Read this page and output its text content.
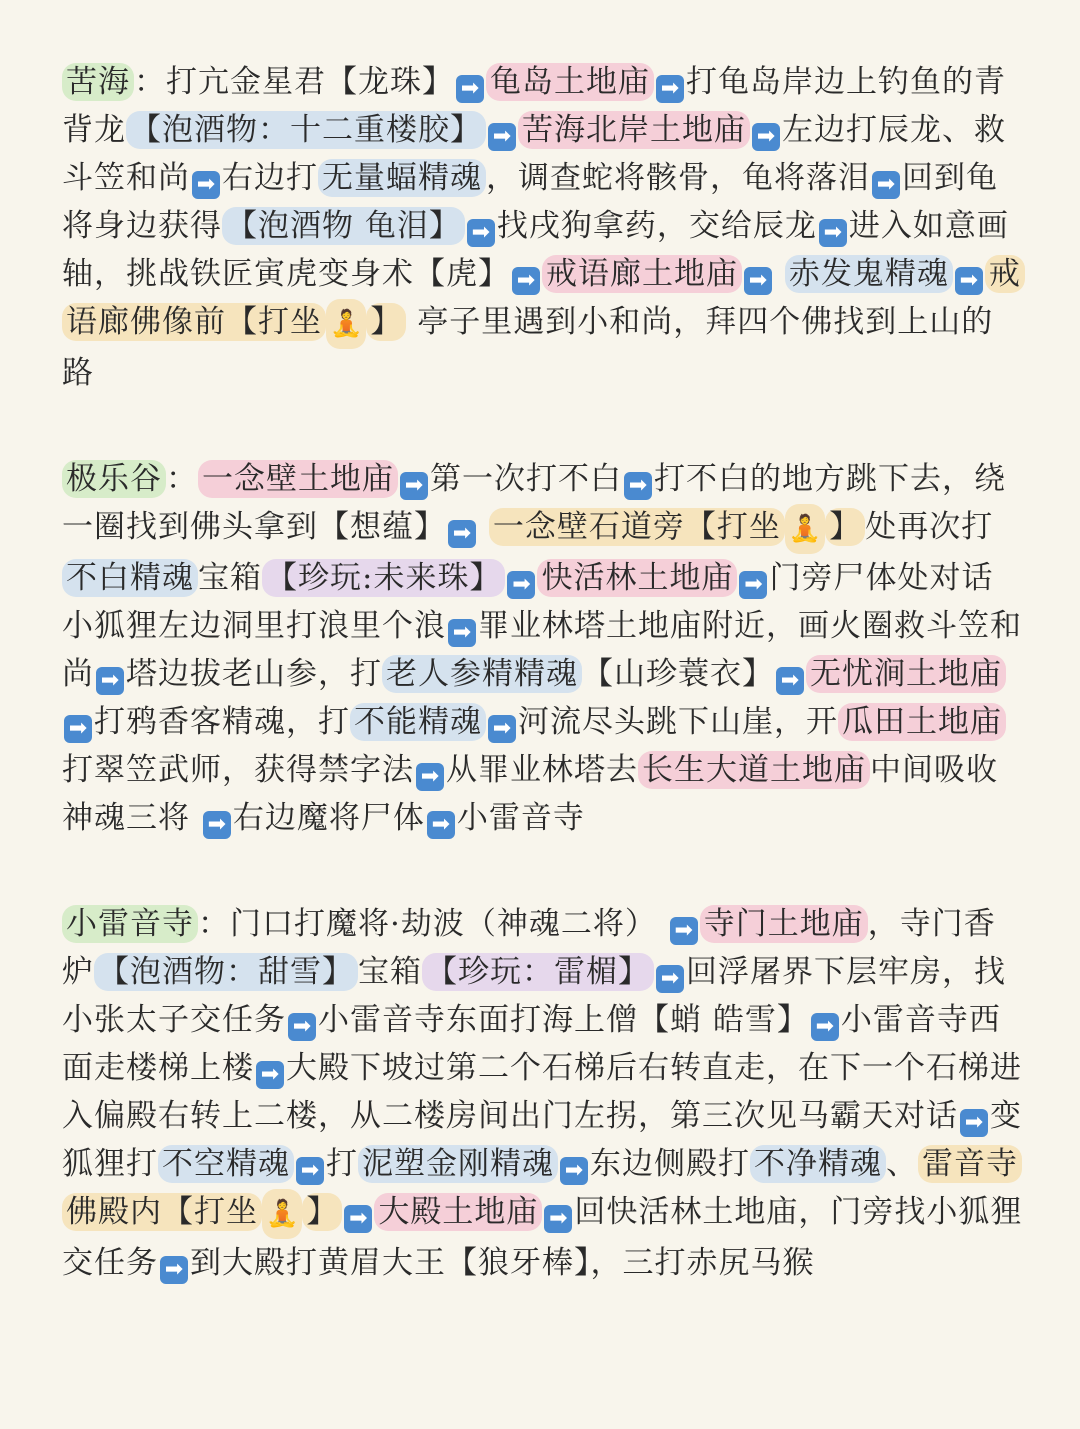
苦海 ：打亢金星君【龙珠】 ➡ 龟岛土地庙 ➡ 打龟岛岸边上钓鱼的青背龙 【泡酒物：十二重楼胶】 ➡ 苦海北岸土地庙 ➡ 左边打辰龙、救斗笠和尚 ➡ 右边打 无量蝠精魂 ，调查蛇将骸骨，龟将落泪 ➡ 回到龟将身边获得 【泡酒物 龟泪】 ➡ 找戌狗拿药，交给辰龙 ➡ 进入如意画轴，挑战铁匠寅虎变身术【虎】 ➡ 戒语廊土地庙 ➡ 赤发鬼精魂 ➡ 戒语廊佛像前【打坐 🧘 】 亭子里遇到小和尚，拜四个佛找到上山的路
极乐谷 ： 一念壁土地庙 ➡ 第一次打不白 ➡ 打不白的地方跳下去，绕一圈找到佛头拿到【想蕴】 ➡ 一念壁石道旁【打坐 🧘 】 处再次打不白精魂 宝箱 【珍玩:未来珠】 ➡ 快活林土地庙 ➡ 门旁尸体处对话小狐狸左边洞里打浪里个浪 ➡ 罪业林塔土地庙附近，画火圈救斗笠和尚 ➡ 塔边拔老山参，打 老人参精精魂 【山珍蓑衣】 ➡ 无忧涧土地庙➡ 打鸦香客精魂，打 不能精魂 ➡ 河流尽头跳下山崖，开 瓜田土地庙 打翠笠武师，获得禁字法 ➡ 从罪业林塔去 长生大道土地庙 中间吸收神魂三将 ➡ 右边魔将尸体 ➡ 小雷音寺
小雷音寺 ：门口打魔将·劫波（神魂二将） ➡ 寺门土地庙 ，寺门香炉 【泡酒物：甜雪】 宝箱 【珍玩：雷楣】 ➡ 回浮屠界下层牢房，找小张太子交任务 ➡ 小雷音寺东面打海上僧【蛸 皓雪】 ➡ 小雷音寺西面走楼梯上楼 ➡ 大殿下坡过第二个石梯后右转直走，在下一个石梯进入偏殿右转上二楼，从二楼房间出门左拐，第三次见马霸天对话 ➡ 变狐狸打 不空精魂 ➡ 打 泥塑金刚精魂 ➡ 东边侧殿打 不净精魂 、 雷音寺佛殿内【打坐 🧘 】 ➡ 大殿土地庙 ➡ 回快活林土地庙，门旁找小狐狸交任务 ➡ 到大殿打黄眉大王【狼牙棒】，三打赤尻马猴
